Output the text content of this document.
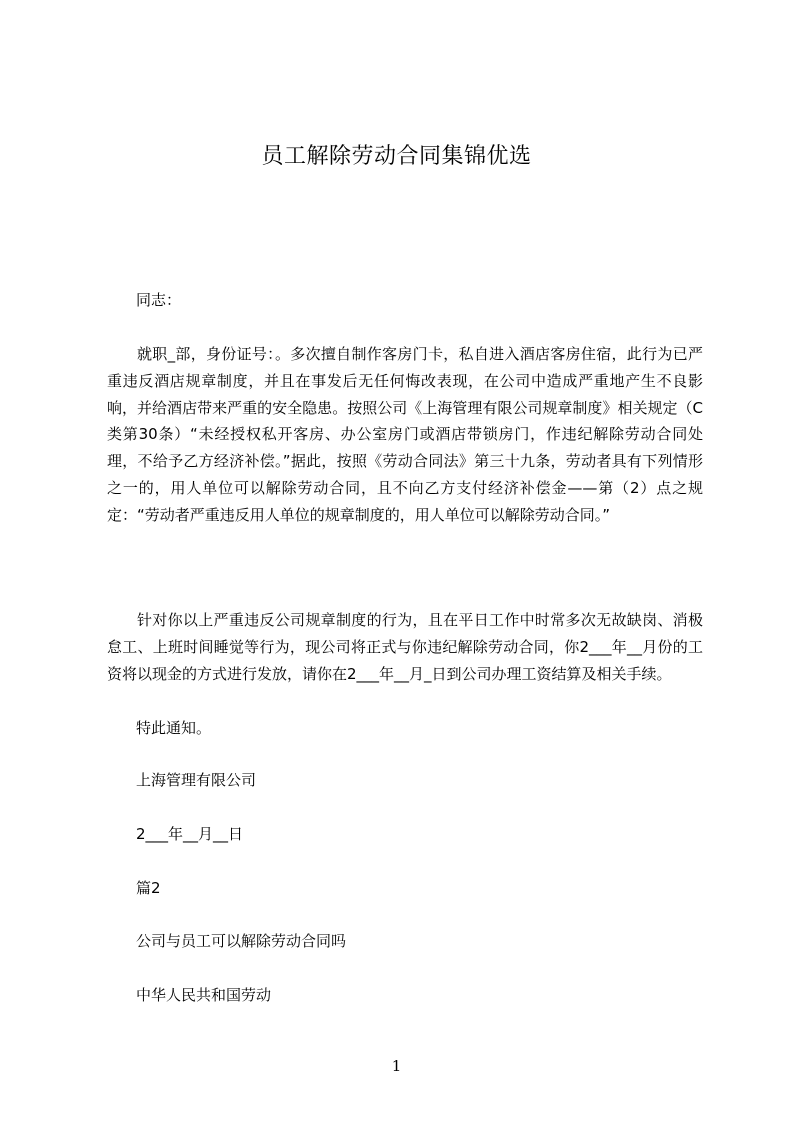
员工解除劳动合同集锦优选
同志：
就职_部，身份证号：。多次擅自制作客房门卡，私自进入酒店客房住宿，此行为已严重违反酒店规章制度，并且在事发后无任何悔改表现，在公司中造成严重地产生不良影响，并给酒店带来严重的安全隐患。按照公司《上海管理有限公司规章制度》相关规定（C类第30条）“未经授权私开客房、办公室房门或酒店带锁房门，作违纪解除劳动合同处理，不给予乙方经济补偿。”据此，按照《劳动合同法》第三十九条，劳动者具有下列情形之一的，用人单位可以解除劳动合同，且不向乙方支付经济补偿金——第（2）点之规定：“劳动者严重违反用人单位的规章制度的，用人单位可以解除劳动合同。”
针对你以上严重违反公司规章制度的行为，且在平日工作中时常多次无故缺岗、消极怠工、上班时间睡觉等行为，现公司将正式与你违纪解除劳动合同，你2___年__月份的工资将以现金的方式进行发放，请你在2___年__月_日到公司办理工资结算及相关手续。
特此通知。
上海管理有限公司
2___年__月__日
篇2
公司与员工可以解除劳动合同吗
中华人民共和国劳动
1
